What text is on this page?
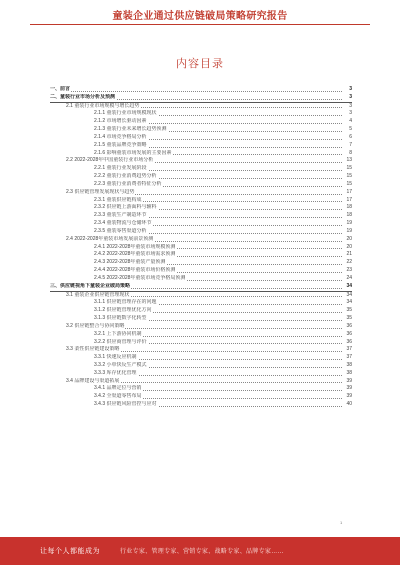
童装企业通过供应链破局策略研究报告
内容目录
一、前言	3
二、童装行业市场分析及预测	3
2.1 童装行业市场规模与增长趋势	3
2.1.1 童装行业市场规模现状	3
2.1.2 市场增长驱动因素	4
2.1.3 童装行业未来增长趋势预测	5
2.1.4 市场竞争格局分析	6
2.1.5 童装品牌竞争策略	7
2.1.6 影响童装市场发展的主要因素	8
2.2 2022-2028年中国童装行业市场分析	13
2.2.1 童装行业发展阶段	15
2.2.2 童装行业消费趋势分析	15
2.2.3 童装行业消费者特征分析	15
2.3 供应链管理发展现状与趋势	17
2.3.1 童装供应链构成	17
2.3.2 供应链上游面料与辅料	18
2.3.3 童装生产制造环节	18
2.3.4 童装物流与仓储环节	19
2.3.5 童装零售渠道分析	19
2.4 2022-2028年童装市场发展前景预测	20
2.4.1 2022-2028年童装市场规模预测	20
2.4.2 2022-2028年童装市场需求预测	21
2.4.3 2022-2028年童装产量预测	22
2.4.4 2022-2028年童装市场价格预测	23
2.4.5 2022-2028年童装市场竞争格局预测	24
三、供应链视角下童装企业破局策略	34
3.1 童装企业供应链管理现状	34
3.1.1 供应链管理存在的问题	34
3.1.2 供应链管理优化方向	35
3.1.3 供应链数字化转型	35
3.2 供应链整合与协同策略	36
3.2.1 上下游协同机制	36
3.2.2 供应商管理与评价	36
3.3 柔性供应链建设策略	37
3.3.1 快速反应机制	37
3.3.2 小单快反生产模式	38
3.3.3 库存优化管理	38
3.4 品牌建设与渠道拓展	39
3.4.1 品牌定位与营销	39
3.4.2 全渠道零售布局	39
3.4.3 供应链风险管控与应对	40
1
让每个人都能成为	行业专家、管理专家、营销专家、战略专家、品牌专家……
